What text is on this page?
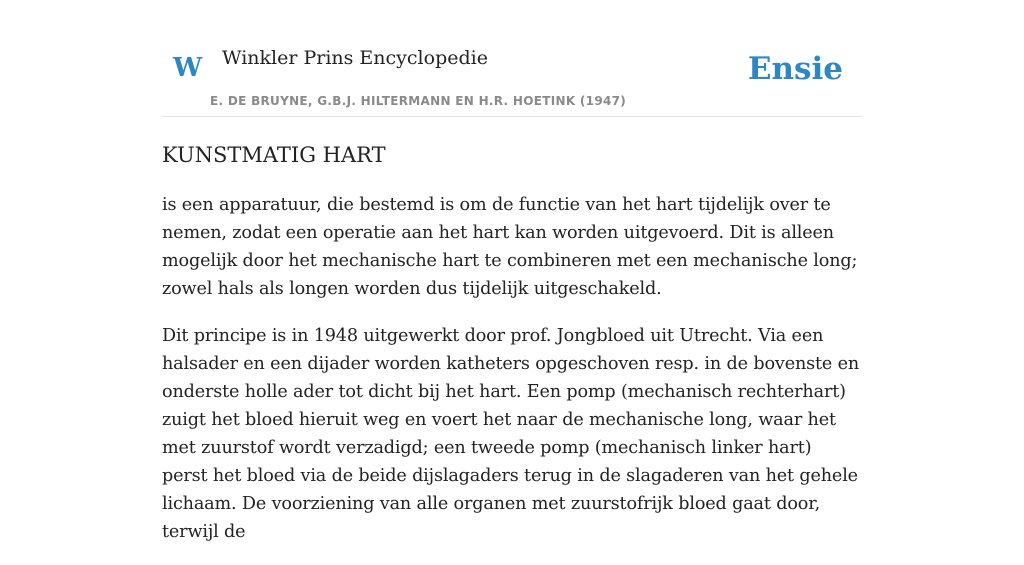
W Winkler Prins Encyclopedie
E. DE BRUYNE, G.B.J. HILTERMANN EN H.R. HOETINK (1947)
Ensie
KUNSTMATIG HART

is een apparatuur, die bestemd is om de functie van het hart tijdelijk over te nemen, zodat een operatie aan het hart kan worden uitgevoerd. Dit is alleen mogelijk door het mechanische hart te combineren met een mechanische long; zowel hals als longen worden dus tijdelijk uitgeschakeld.

Dit principe is in 1948 uitgewerkt door prof. Jongbloed uit Utrecht. Via een halsader en een dijader worden katheters opgeschoven resp. in de bovenste en onderste holle ader tot dicht bij het hart. Een pomp (mechanisch rechterhart) zuigt het bloed hieruit weg en voert het naar de mechanische long, waar het met zuurstof wordt verzadigd; een tweede pomp (mechanisch linker hart) perst het bloed via de beide dijslagaders terug in de slagaderen van het gehele lichaam. De voorziening van alle organen met zuurstofrijk bloed gaat door, terwijl de
